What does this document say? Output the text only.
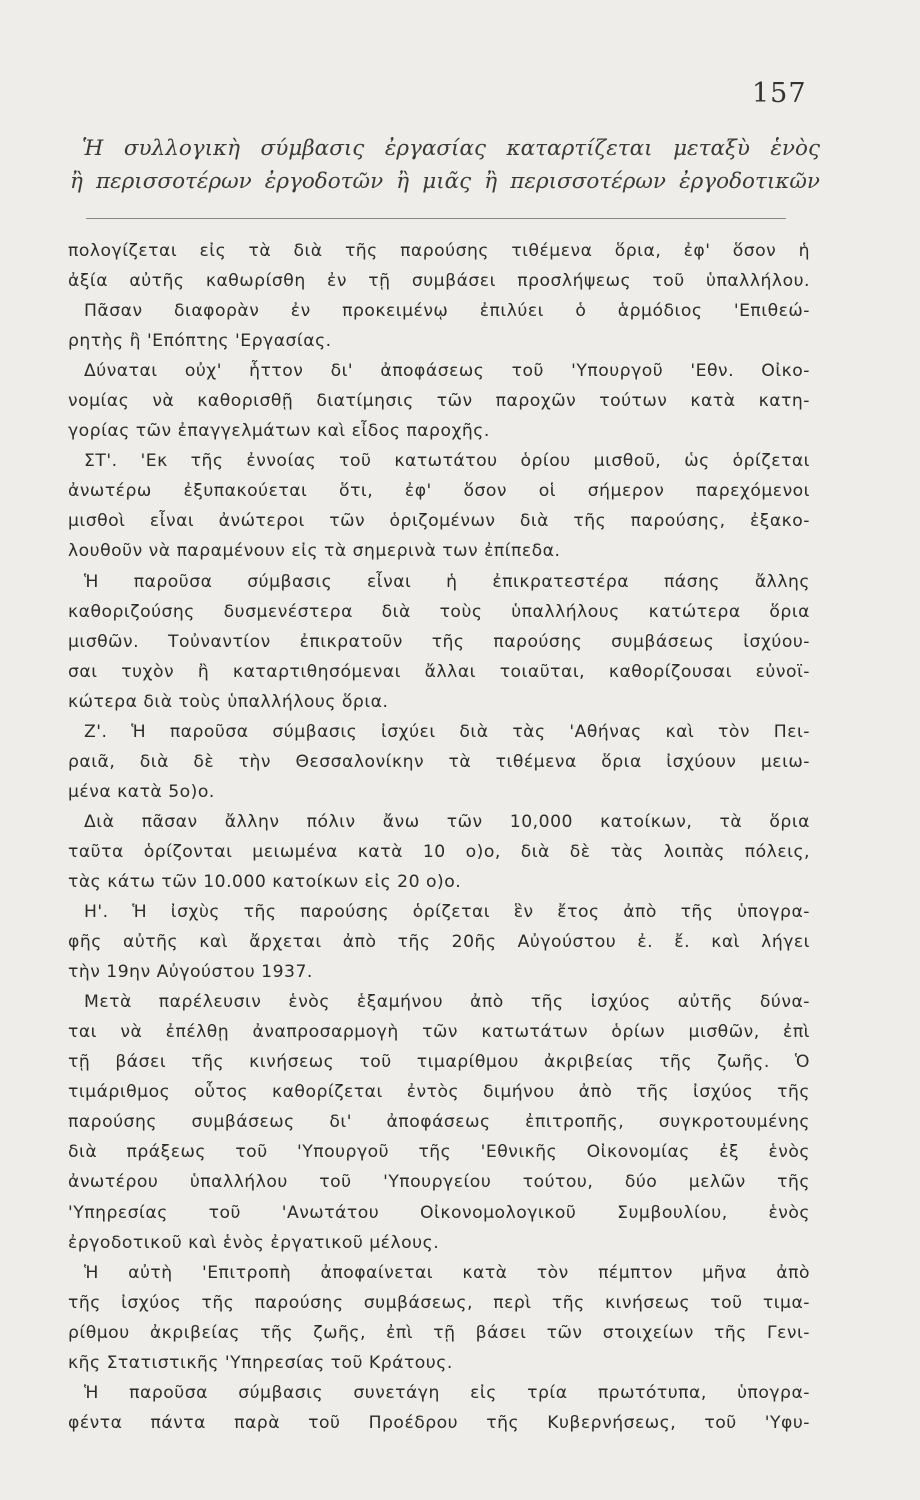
157
Ἡ συλλογικὴ σύμβασις ἐργασίας καταρτίζεται μεταξὺ ἑνὸς
ἢ περισσοτέρων ἐργοδοτῶν ἢ μιᾶς ἢ περισσοτέρων ἐργοδοτικῶν
πολογίζεται εἰς τὰ διὰ τῆς παρούσης τιθέμενα ὅρια, ἐφ' ὅσον ἡ
ἀξία αὐτῆς καθωρίσθη ἐν τῇ συμβάσει προσλήψεως τοῦ ὑπαλλήλου.
Πᾶσαν διαφορὰν ἐν προκειμένῳ ἐπιλύει ὁ ἁρμόδιος 'Επιθεώ-
ρητὴς ἢ 'Επόπτης 'Εργασίας.
Δύναται οὐχ' ἧττον δι' ἀποφάσεως τοῦ 'Υπουργοῦ 'Εθν. Οἰκο-
νομίας νὰ καθορισθῇ διατίμησις τῶν παροχῶν τούτων κατὰ κατη-
γορίας τῶν ἐπαγγελμάτων καὶ εἶδος παροχῆς.
ΣΤ'. 'Εκ τῆς ἐννοίας τοῦ κατωτάτου ὁρίου μισθοῦ, ὡς ὁρίζεται
ἀνωτέρω ἐξυπακούεται ὅτι, ἐφ' ὅσον οἱ σήμερον παρεχόμενοι
μισθοὶ εἶναι ἀνώτεροι τῶν ὁριζομένων διὰ τῆς παρούσης, ἐξακο-
λουθοῦν νὰ παραμένουν εἰς τὰ σημερινὰ των ἐπίπεδα.
Ἡ παροῦσα σύμβασις εἶναι ἡ ἐπικρατεστέρα πάσης ἄλλης
καθοριζούσης δυσμενέστερα διὰ τοὺς ὑπαλλήλους κατώτερα ὅρια
μισθῶν. Τοὐναντίον ἐπικρατοῦν τῆς παρούσης συμβάσεως ἰσχύου-
σαι τυχὸν ἢ καταρτιθησόμεναι ἄλλαι τοιαῦται, καθορίζουσαι εὐνοϊ-
κώτερα διὰ τοὺς ὑπαλλήλους ὅρια.
Ζ'. Ἡ παροῦσα σύμβασις ἰσχύει διὰ τὰς 'Αθήνας καὶ τὸν Πει-
ραιᾶ, διὰ δὲ τὴν Θεσσαλονίκην τὰ τιθέμενα ὅρια ἰσχύουν μειω-
μένα κατὰ 5ο)ο.
Διὰ πᾶσαν ἄλλην πόλιν ἄνω τῶν 10,000 κατοίκων, τὰ ὅρια
ταῦτα ὁρίζονται μειωμένα κατὰ 10 ο)ο, διὰ δὲ τὰς λοιπὰς πόλεις,
τὰς κάτω τῶν 10.000 κατοίκων εἰς 20 ο)ο.
Η'. Ἡ ἰσχὺς τῆς παρούσης ὁρίζεται ἓν ἔτος ἀπὸ τῆς ὑπογρα-
φῆς αὐτῆς καὶ ἄρχεται ἀπὸ τῆς 20ῆς Αὐγούστου ἐ. ἔ. καὶ λήγει
τὴν 19ην Αὐγούστου 1937.
Μετὰ παρέλευσιν ἑνὸς ἑξαμήνου ἀπὸ τῆς ἰσχύος αὐτῆς δύνα-
ται νὰ ἐπέλθῃ ἀναπροσαρμογὴ τῶν κατωτάτων ὁρίων μισθῶν, ἐπὶ
τῇ βάσει τῆς κινήσεως τοῦ τιμαρίθμου ἀκριβείας τῆς ζωῆς. Ὁ
τιμάριθμος οὗτος καθορίζεται ἐντὸς διμήνου ἀπὸ τῆς ἰσχύος τῆς
παρούσης συμβάσεως δι' ἀποφάσεως ἐπιτροπῆς, συγκροτουμένης
διὰ πράξεως τοῦ 'Υπουργοῦ τῆς 'Εθνικῆς Οἰκονομίας ἐξ ἑνὸς
ἀνωτέρου ὑπαλλήλου τοῦ 'Υπουργείου τούτου, δύο μελῶν τῆς
'Υπηρεσίας τοῦ 'Ανωτάτου Οἰκονομολογικοῦ Συμβουλίου, ἑνὸς
ἐργοδοτικοῦ καὶ ἑνὸς ἐργατικοῦ μέλους.
Ἡ αὐτὴ 'Επιτροπὴ ἀποφαίνεται κατὰ τὸν πέμπτον μῆνα ἀπὸ
τῆς ἰσχύος τῆς παρούσης συμβάσεως, περὶ τῆς κινήσεως τοῦ τιμα-
ρίθμου ἀκριβείας τῆς ζωῆς, ἐπὶ τῇ βάσει τῶν στοιχείων τῆς Γενι-
κῆς Στατιστικῆς 'Υπηρεσίας τοῦ Κράτους.
Ἡ παροῦσα σύμβασις συνετάγη εἰς τρία πρωτότυπα, ὑπογρα-
φέντα πάντα παρὰ τοῦ Προέδρου τῆς Κυβερνήσεως, τοῦ 'Υφυ-
